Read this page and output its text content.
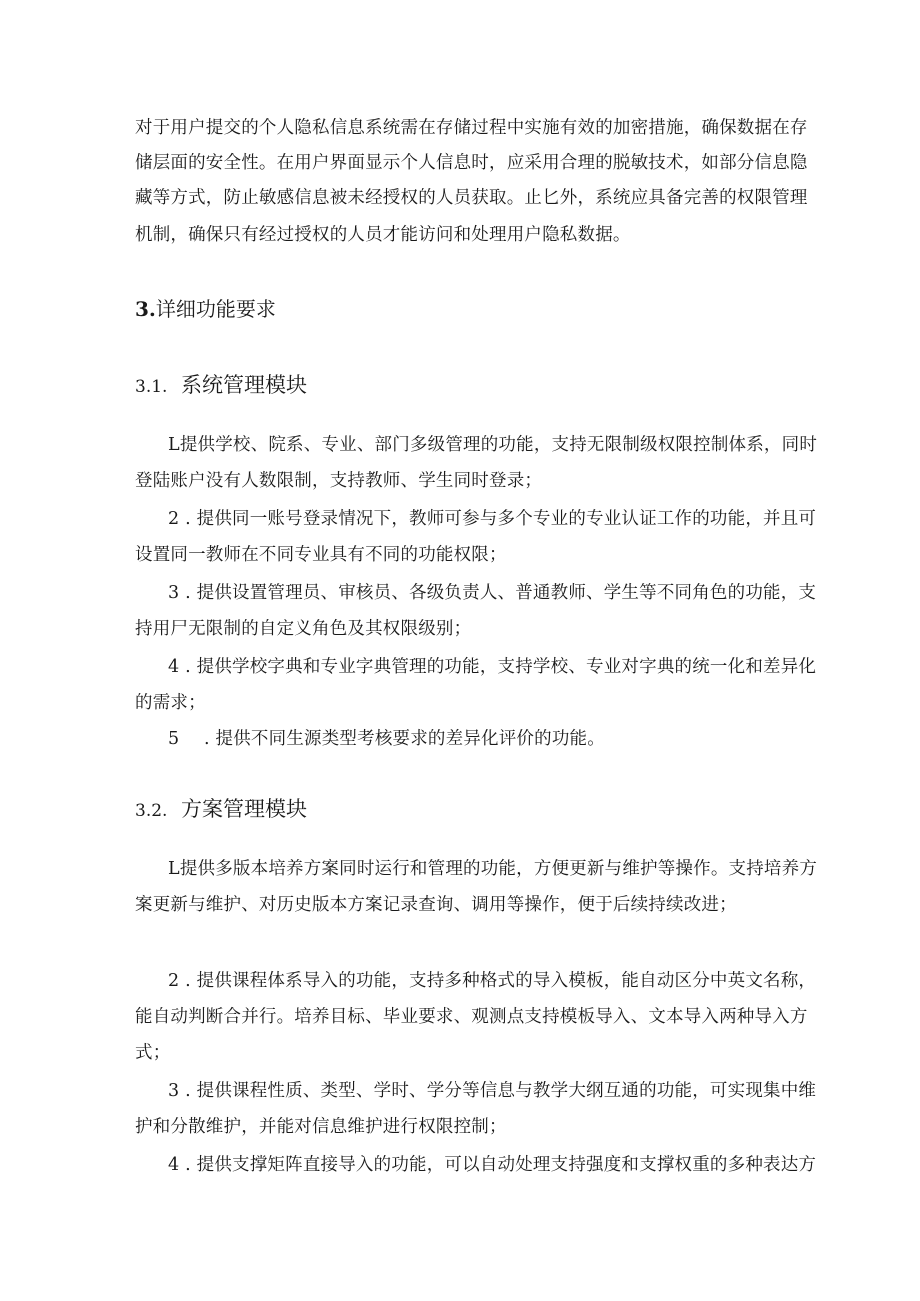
对于用户提交的个人隐私信息系统需在存储过程中实施有效的加密措施，确保数据在存
储层面的安全性。在用户界面显示个人信息时，应采用合理的脱敏技术，如部分信息隐
藏等方式，防止敏感信息被未经授权的人员获取。止匕外，系统应具备完善的权限管理
机制，确保只有经过授权的人员才能访问和处理用户隐私数据。
3.详细功能要求
3.1. 系统管理模块
L提供学校、院系、专业、部门多级管理的功能，支持无限制级权限控制体系，同时
登陆账户没有人数限制，支持教师、学生同时登录；
2 . 提供同一账号登录情况下，教师可参与多个专业的专业认证工作的功能，并且可
设置同一教师在不同专业具有不同的功能权限；
3 . 提供设置管理员、审核员、各级负责人、普通教师、学生等不同角色的功能，支
持用尸无限制的自定义角色及其权限级别；
4 . 提供学校字典和专业字典管理的功能，支持学校、专业对字典的统一化和差异化
的需求；
5 . 提供不同生源类型考核要求的差异化评价的功能。
3.2. 方案管理模块
L提供多版本培养方案同时运行和管理的功能，方便更新与维护等操作。支持培养方
案更新与维护、对历史版本方案记录查询、调用等操作，便于后续持续改进；
2 . 提供课程体系导入的功能，支持多种格式的导入模板，能自动区分中英文名称，
能自动判断合并行。培养目标、毕业要求、观测点支持模板导入、文本导入两种导入方
式；
3 . 提供课程性质、类型、学时、学分等信息与教学大纲互通的功能，可实现集中维
护和分散维护，并能对信息维护进行权限控制；
4 . 提供支撑矩阵直接导入的功能，可以自动处理支持强度和支撑权重的多种表达方
